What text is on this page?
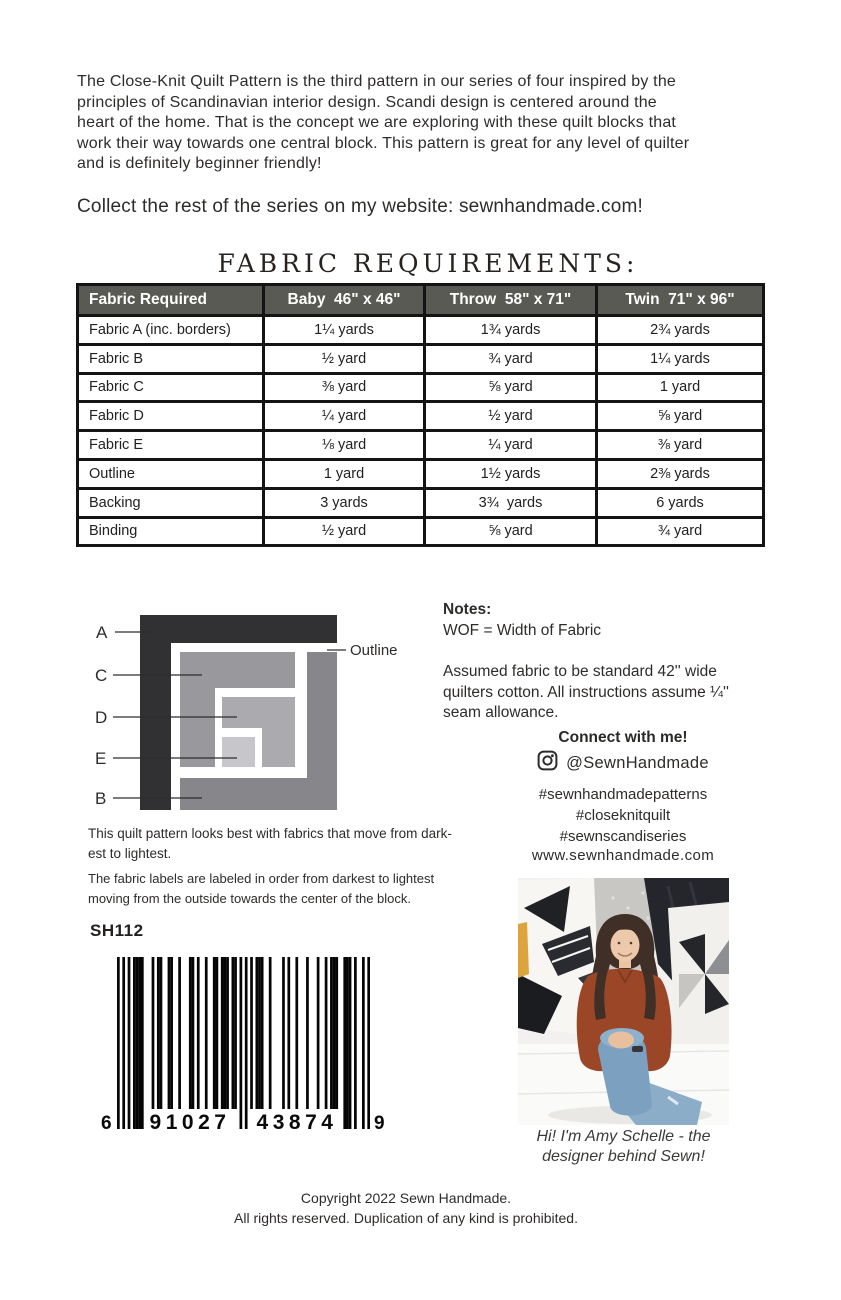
The Close-Knit Quilt Pattern is the third pattern in our series of four inspired by the
principles of Scandinavian interior design. Scandi design is centered around the
heart of the home. That is the concept we are exploring with these quilt blocks that
work their way towards one central block. This pattern is great for any level of quilter
and is definitely beginner friendly!
Collect the rest of the series on my website: sewnhandmade.com!
FABRIC REQUIREMENTS:
Fabric Required	Baby  46" x 46"	Throw  58" x 71"	Twin  71" x 96"
Fabric A (inc. borders)	1¼ yards	1¾ yards	2¾ yards
Fabric B	½ yard	¾ yard	1¼ yards
Fabric C	⅜ yard	⅝ yard	1 yard
Fabric D	¼ yard	½ yard	⅝ yard
Fabric E	⅛ yard	¼ yard	⅜ yard
Outline	1 yard	1½ yards	2⅜ yards
Backing	3 yards	3¾  yards	6 yards
Binding	½ yard	⅝ yard	¾ yard
A
C
D
E
B
Outline
This quilt pattern looks best with fabrics that move from dark-
est to lightest.
The fabric labels are labeled in order from darkest to lightest
moving from the outside towards the center of the block.
SH112
6	91027	43874	9
Notes:
WOF = Width of Fabric
Assumed fabric to be standard 42'' wide
quilters cotton. All instructions assume ¼''
seam allowance.
Connect with me!
@SewnHandmade
#sewnhandmadepatterns
#closeknitquilt
#sewnscandiseries
www.sewnhandmade.com
Hi! I'm Amy Schelle - the
designer behind Sewn!
Copyright 2022 Sewn Handmade.
All rights reserved. Duplication of any kind is prohibited.
